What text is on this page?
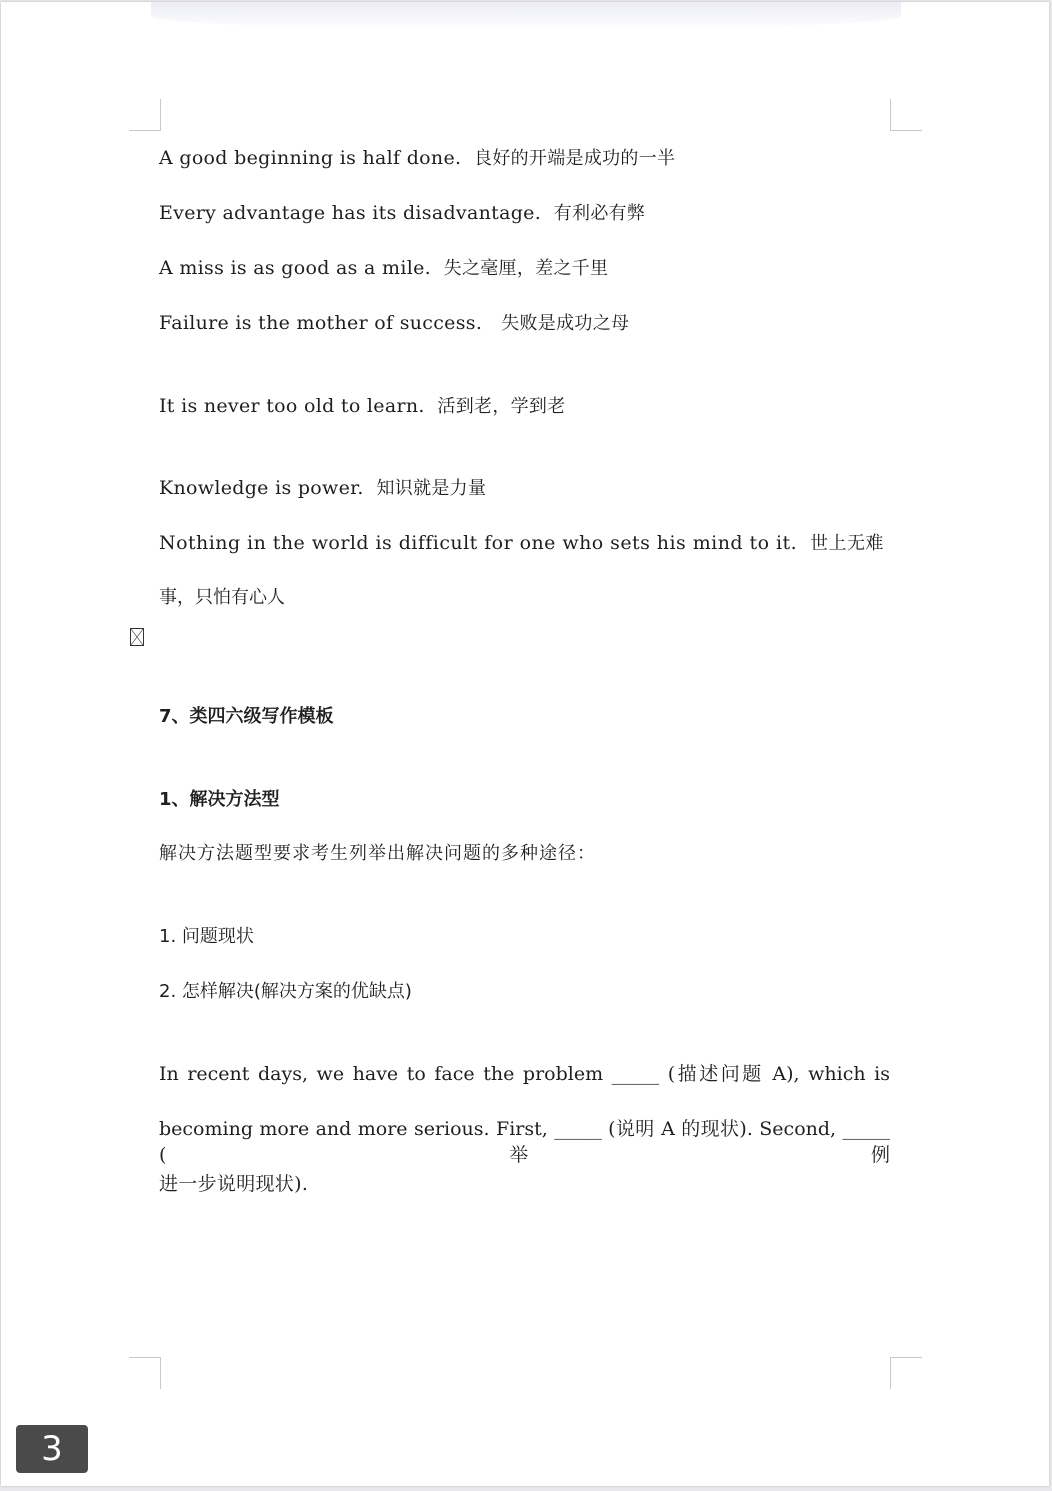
A good beginning is half done. 良好的开端是成功的一半
Every advantage has its disadvantage. 有利必有弊
A miss is as good as a mile. 失之毫厘，差之千里
Failure is the mother of success. 失败是成功之母
It is never too old to learn. 活到老，学到老
Knowledge is power. 知识就是力量
Nothing in the world is difficult for one who sets his mind to it. 世上无难
事，只怕有心人
7、类四六级写作模板
1、解决方法型
解决方法题型要求考生列举出解决问题的多种途径：
1. 问题现状
2. 怎样解决(解决方案的优缺点)
In recent days, we have to face the problem _____ (描述问题 A), which is
becoming more and more serious. First, _____ (说明 A 的现状). Second, _____ (举例
进一步说明现状).
3
